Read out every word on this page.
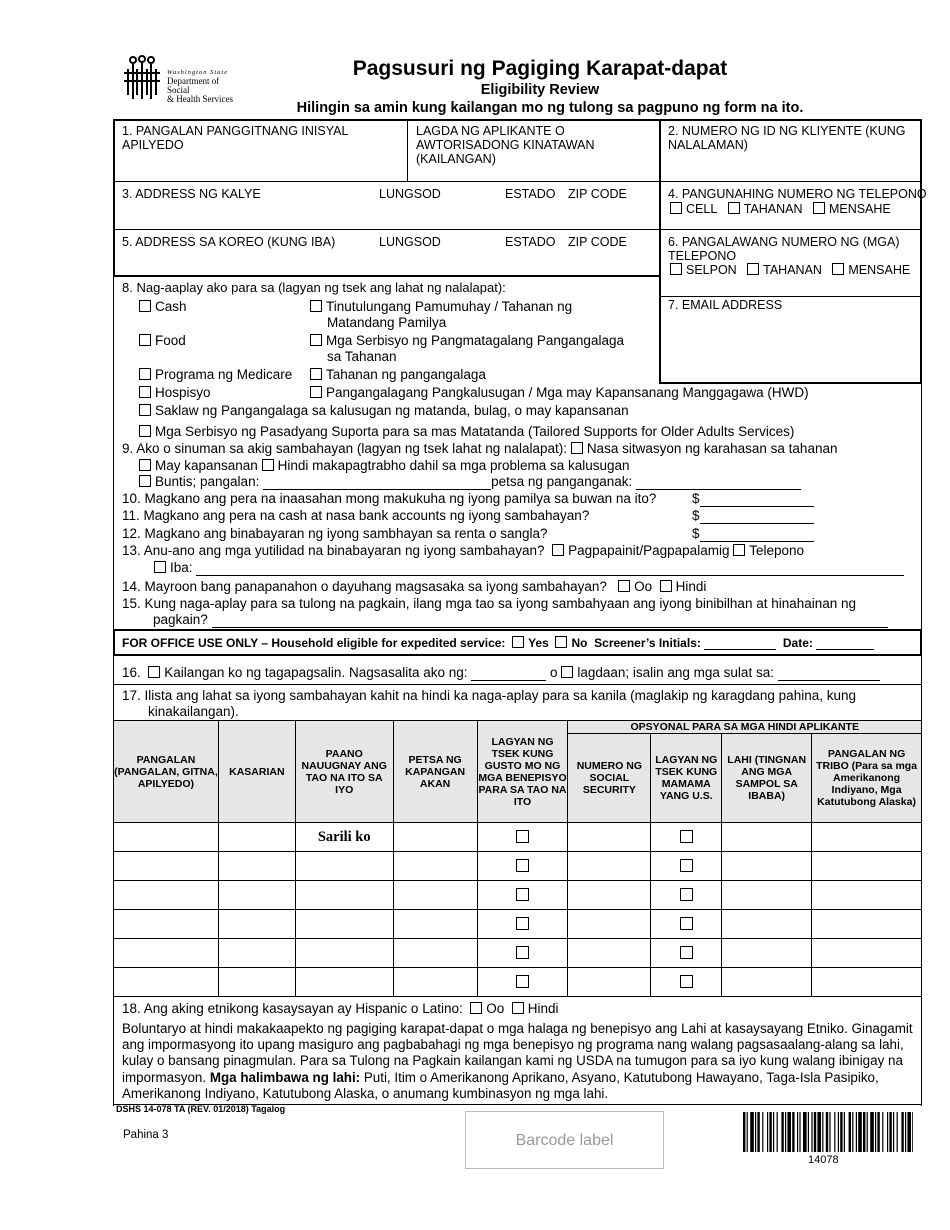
Washington State
Department of Social
& Health Services
Pagsusuri ng Pagiging Karapat-dapat
Eligibility Review
Hilingin sa amin kung kailangan mo ng tulong sa pagpuno ng form na ito.
1. PANGALAN PANGGITNANG INISYAL APILYEDO
LAGDA NG APLIKANTE O AWTORISADONG KINATAWAN (KAILANGAN)
2. NUMERO NG ID NG KLIYENTE (KUNG NALALAMAN)
3. ADDRESS NG KALYE	LUNGSOD	ESTADO ZIP CODE	4. PANGUNAHING NUMERO NG TELEPONO
CELL TAHANAN MENSAHE
5. ADDRESS SA KOREO (KUNG IBA)	LUNGSOD	ESTADO ZIP CODE	6. PANGALAWANG NUMERO NG (MGA) TELEPONO
SELPON TAHANAN MENSAHE
7. EMAIL ADDRESS
8. Nag-aaplay ako para sa (lagyan ng tsek ang lahat ng nalalapat):
Cash	Tinutulungang Pamumuhay / Tahanan ng
Matandang Pamilya
Food	Mga Serbisyo ng Pangmatagalang Pangangalaga
sa Tahanan
Programa ng Medicare	Tahanan ng pangangalaga
Hospisyo	Pangangalagang Pangkalusugan / Mga may Kapansanang Manggagawa (HWD)
Saklaw ng Pangangalaga sa kalusugan ng matanda, bulag, o may kapansanan
Mga Serbisyo ng Pasadyang Suporta para sa mas Matatanda (Tailored Supports for Older Adults Services)
9. Ako o sinuman sa akig sambahayan (lagyan ng tsek lahat ng nalalapat): Nasa sitwasyon ng karahasan sa tahanan
May kapansanan Hindi makapagtrabho dahil sa mga problema sa kalusugan
Buntis; pangalan:	petsa ng panganganak:
10. Magkano ang pera na inaasahan mong makukuha ng iyong pamilya sa buwan na ito?	$
11. Magkano ang pera na cash at nasa bank accounts ng iyong sambahayan?	$
12. Magkano ang binabayaran ng iyong sambhayan sa renta o sangla?	$
13. Anu-ano ang mga yutilidad na binabayaran ng iyong sambahayan? Pagpapainit/Pagpapalamig Telepono
Iba:
14. Mayroon bang panapanahon o dayuhang magsasaka sa iyong sambahayan? Oo Hindi
15. Kung naga-aplay para sa tulong na pagkain, ilang mga tao sa iyong sambahyaan ang iyong binibilhan at hinahainan ng
pagkain?
FOR OFFICE USE ONLY – Household eligible for expedited service: Yes No Screener’s Initials:	Date:
16. Kailangan ko ng tagapagsalin. Nagsasalita ako ng:	o lagdaan; isalin ang mga sulat sa:
17. Ilista ang lahat sa iyong sambahayan kahit na hindi ka naga-aplay para sa kanila (maglakip ng karagdang pahina, kung
kinakailangan).
PANGALAN (PANGALAN, GITNA, APILYEDO)	KASARIAN	PAANO NAUUGNAY ANG TAO NA ITO SA IYO	PETSA NG KAPANGAN AKAN	LAGYAN NG TSEK KUNG GUSTO MO NG MGA BENEPISYO PARA SA TAO NA ITO	OPSYONAL PARA SA MGA HINDI APLIKANTE			
					NUMERO NG SOCIAL SECURITY	LAGYAN NG TSEK KUNG MAMAMA YANG U.S.	LAHI (TINGNAN ANG MGA SAMPOL SA IBABA)	PANGALAN NG TRIBO (Para sa mga Amerikanong Indiyano, Mga Katutubong Alaska)
		Sarili ko						

18. Ang aking etnikong kasaysayan ay Hispanic o Latino: Oo Hindi
Boluntaryo at hindi makakaapekto ng pagiging karapat-dapat o mga halaga ng benepisyo ang Lahi at kasaysayang Etniko. Ginagamit ang impormasyong ito upang masiguro ang pagbabahagi ng mga benepisyo ng programa nang walang pagsasaalang-alang sa lahi, kulay o bansang pinagmulan. Para sa Tulong na Pagkain kailangan kami ng USDA na tumugon para sa iyo kung walang ibinigay na impormasyon. Mga halimbawa ng lahi: Puti, Itim o Amerikanong Aprikano, Asyano, Katutubong Hawayano, Taga-Isla Pasipiko, Amerikanong Indiyano, Katutubong Alaska, o anumang kumbinasyon ng mga lahi.
DSHS 14-078 TA (REV. 01/2018) Tagalog
Pahina 3	Barcode label
14078
